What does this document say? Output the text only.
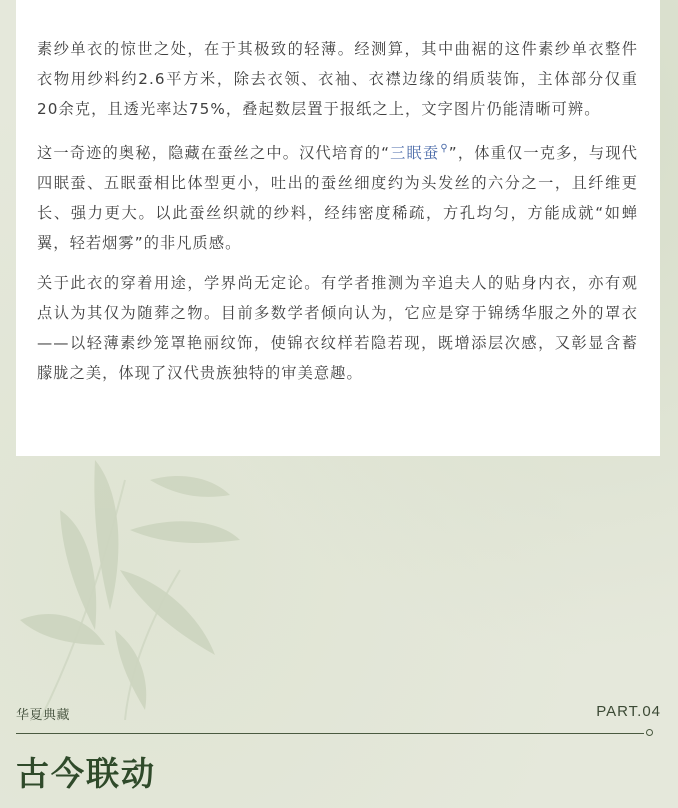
素纱单衣的惊世之处，在于其极致的轻薄。经测算，其中曲裾的这件素纱单衣整件衣物用纱料约2.6平方米，除去衣领、衣袖、衣襟边缘的绢质装饰，主体部分仅重20余克，且透光率达75%，叠起数层置于报纸之上，文字图片仍能清晰可辨。

这一奇迹的奥秘，隐藏在蚕丝之中。汉代培育的“三眠蚕⚲”，体重仅一克多，与现代四眠蚕、五眠蚕相比体型更小，吐出的蚕丝细度约为头发丝的六分之一，且纤维更长、强力更大。以此蚕丝织就的纱料，经纬密度稀疏，方孔均匀，方能成就“如蝉翼，轻若烟雾”的非凡质感。

关于此衣的穿着用途，学界尚无定论。有学者推测为辛追夫人的贴身内衣，亦有观点认为其仅为随葬之物。目前多数学者倾向认为，它应是穿于锦绣华服之外的罩衣——以轻薄素纱笼罩艳丽纹饰，使锦衣纹样若隐若现，既增添层次感，又彰显含蓄朦胧之美，体现了汉代贵族独特的审美意趣。

华夏典藏	PART.04
古今联动
